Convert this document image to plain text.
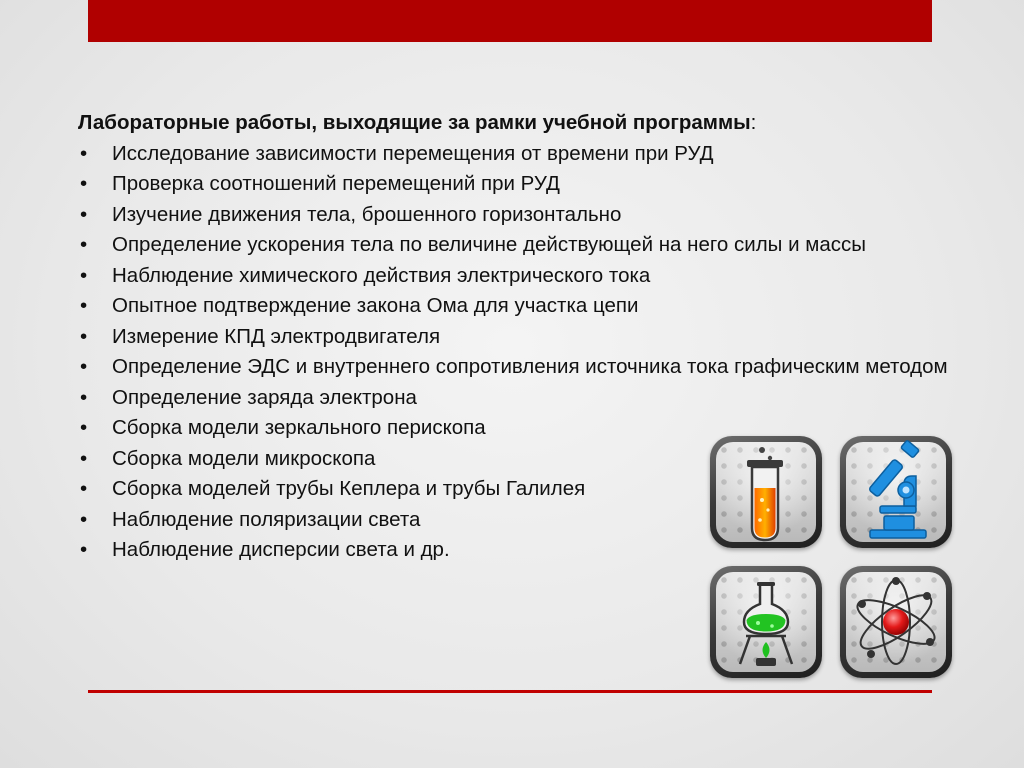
Лабораторные работы, выходящие за рамки учебной программы:

• Исследование зависимости перемещения от времени при РУД
• Проверка соотношений перемещений при РУД
• Изучение движения тела, брошенного горизонтально
• Определение ускорения тела по величине действующей на него силы и массы
• Наблюдение химического действия электрического тока
• Опытное подтверждение закона Ома для участка цепи
• Измерение КПД электродвигателя
• Определение ЭДС и внутреннего сопротивления источника тока графическим методом
• Определение заряда электрона
• Сборка модели зеркального перископа
• Сборка модели микроскопа
• Сборка моделей трубы Кеплера и трубы Галилея
• Наблюдение поляризации света
• Наблюдение дисперсии света и др.
